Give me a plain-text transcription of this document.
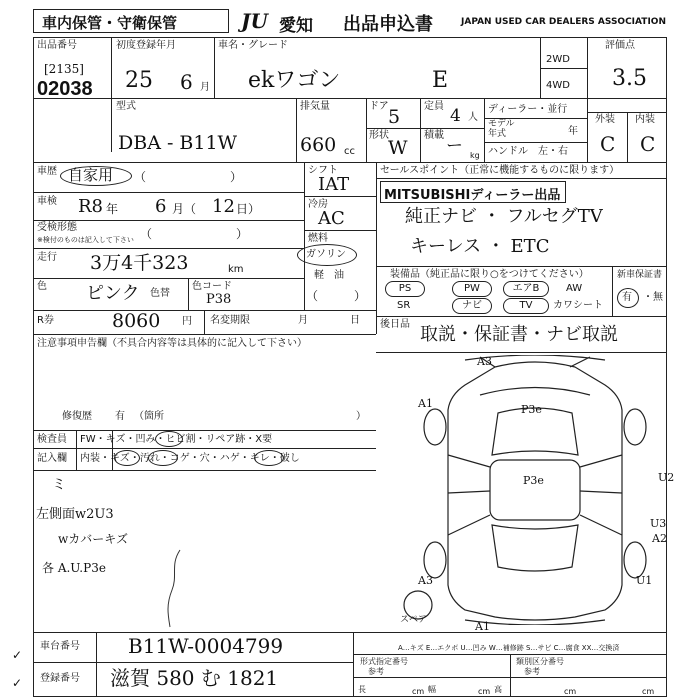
車内保管・守衛保管	JU 愛知 出品申込書	JAPAN USED CAR DEALERS ASSOCIATION
出品番号
[2135]
02038
初度登録年月
25 6 月
車名・グレード
ekワゴン	E
2WD
4WD
評価点
3.5
型式
DBA - B11W
排気量
660 cc
ドア 5 定員 4 人
形状
W
積載
ー kg
ディーラー・並行
モデル
年式	年
ハンドル　左・右
外装 内装
C C
車歴 自家用 （　　　　　　　）
車検 R8 年 6 月（ 12 日）
受検形態
※検付のものは記入して下さい （　　　　　　　）
走行 3万4千323	km
色 ピンク 色替
色コード
P38
シフト
IAT
冷房
AC
燃料
ガソリン
軽　油
（　　　）
R券	8060 円 名変期限	月	日
注意事項申告欄（不具合内容等は具体的に記入して下さい）
修復歴 有 （箇所	）
検査員
記入欄
FW・キズ・凹み・ヒビ割・リペア跡・X要
内装・キズ・汚れ・コゲ・穴・ハゲ・キレ・破し
ミ
左側面w2U3
wカバーキズ
各 A.U.P3e
セールスポイント（正常に機能するものに限ります）
MITSUBISHIディーラー出品
純正ナビ ・ フルセグTV
キーレス ・ ETC
装備品（純正品に限り○をつけてください）
PS	PW	エアB	AW
SR	ナビ	TV	カワシート
新車保証書
有 ・ 無
後日品 取説・保証書・ナビ取説
A3
A1	P3e
P3e	U2
U3
A2
A3	U1
A1
スペア
車台番号 B11W-0004799
登録番号 滋賀 580 む 1821
✓
✓
A…キズ E…エクボ U…凹み W…補修跡 S…サビ C…腐食 XX…交換済
形式指定番号	類別区分番号
参考	参考
長	cm 幅	cm 高	cm	cm
